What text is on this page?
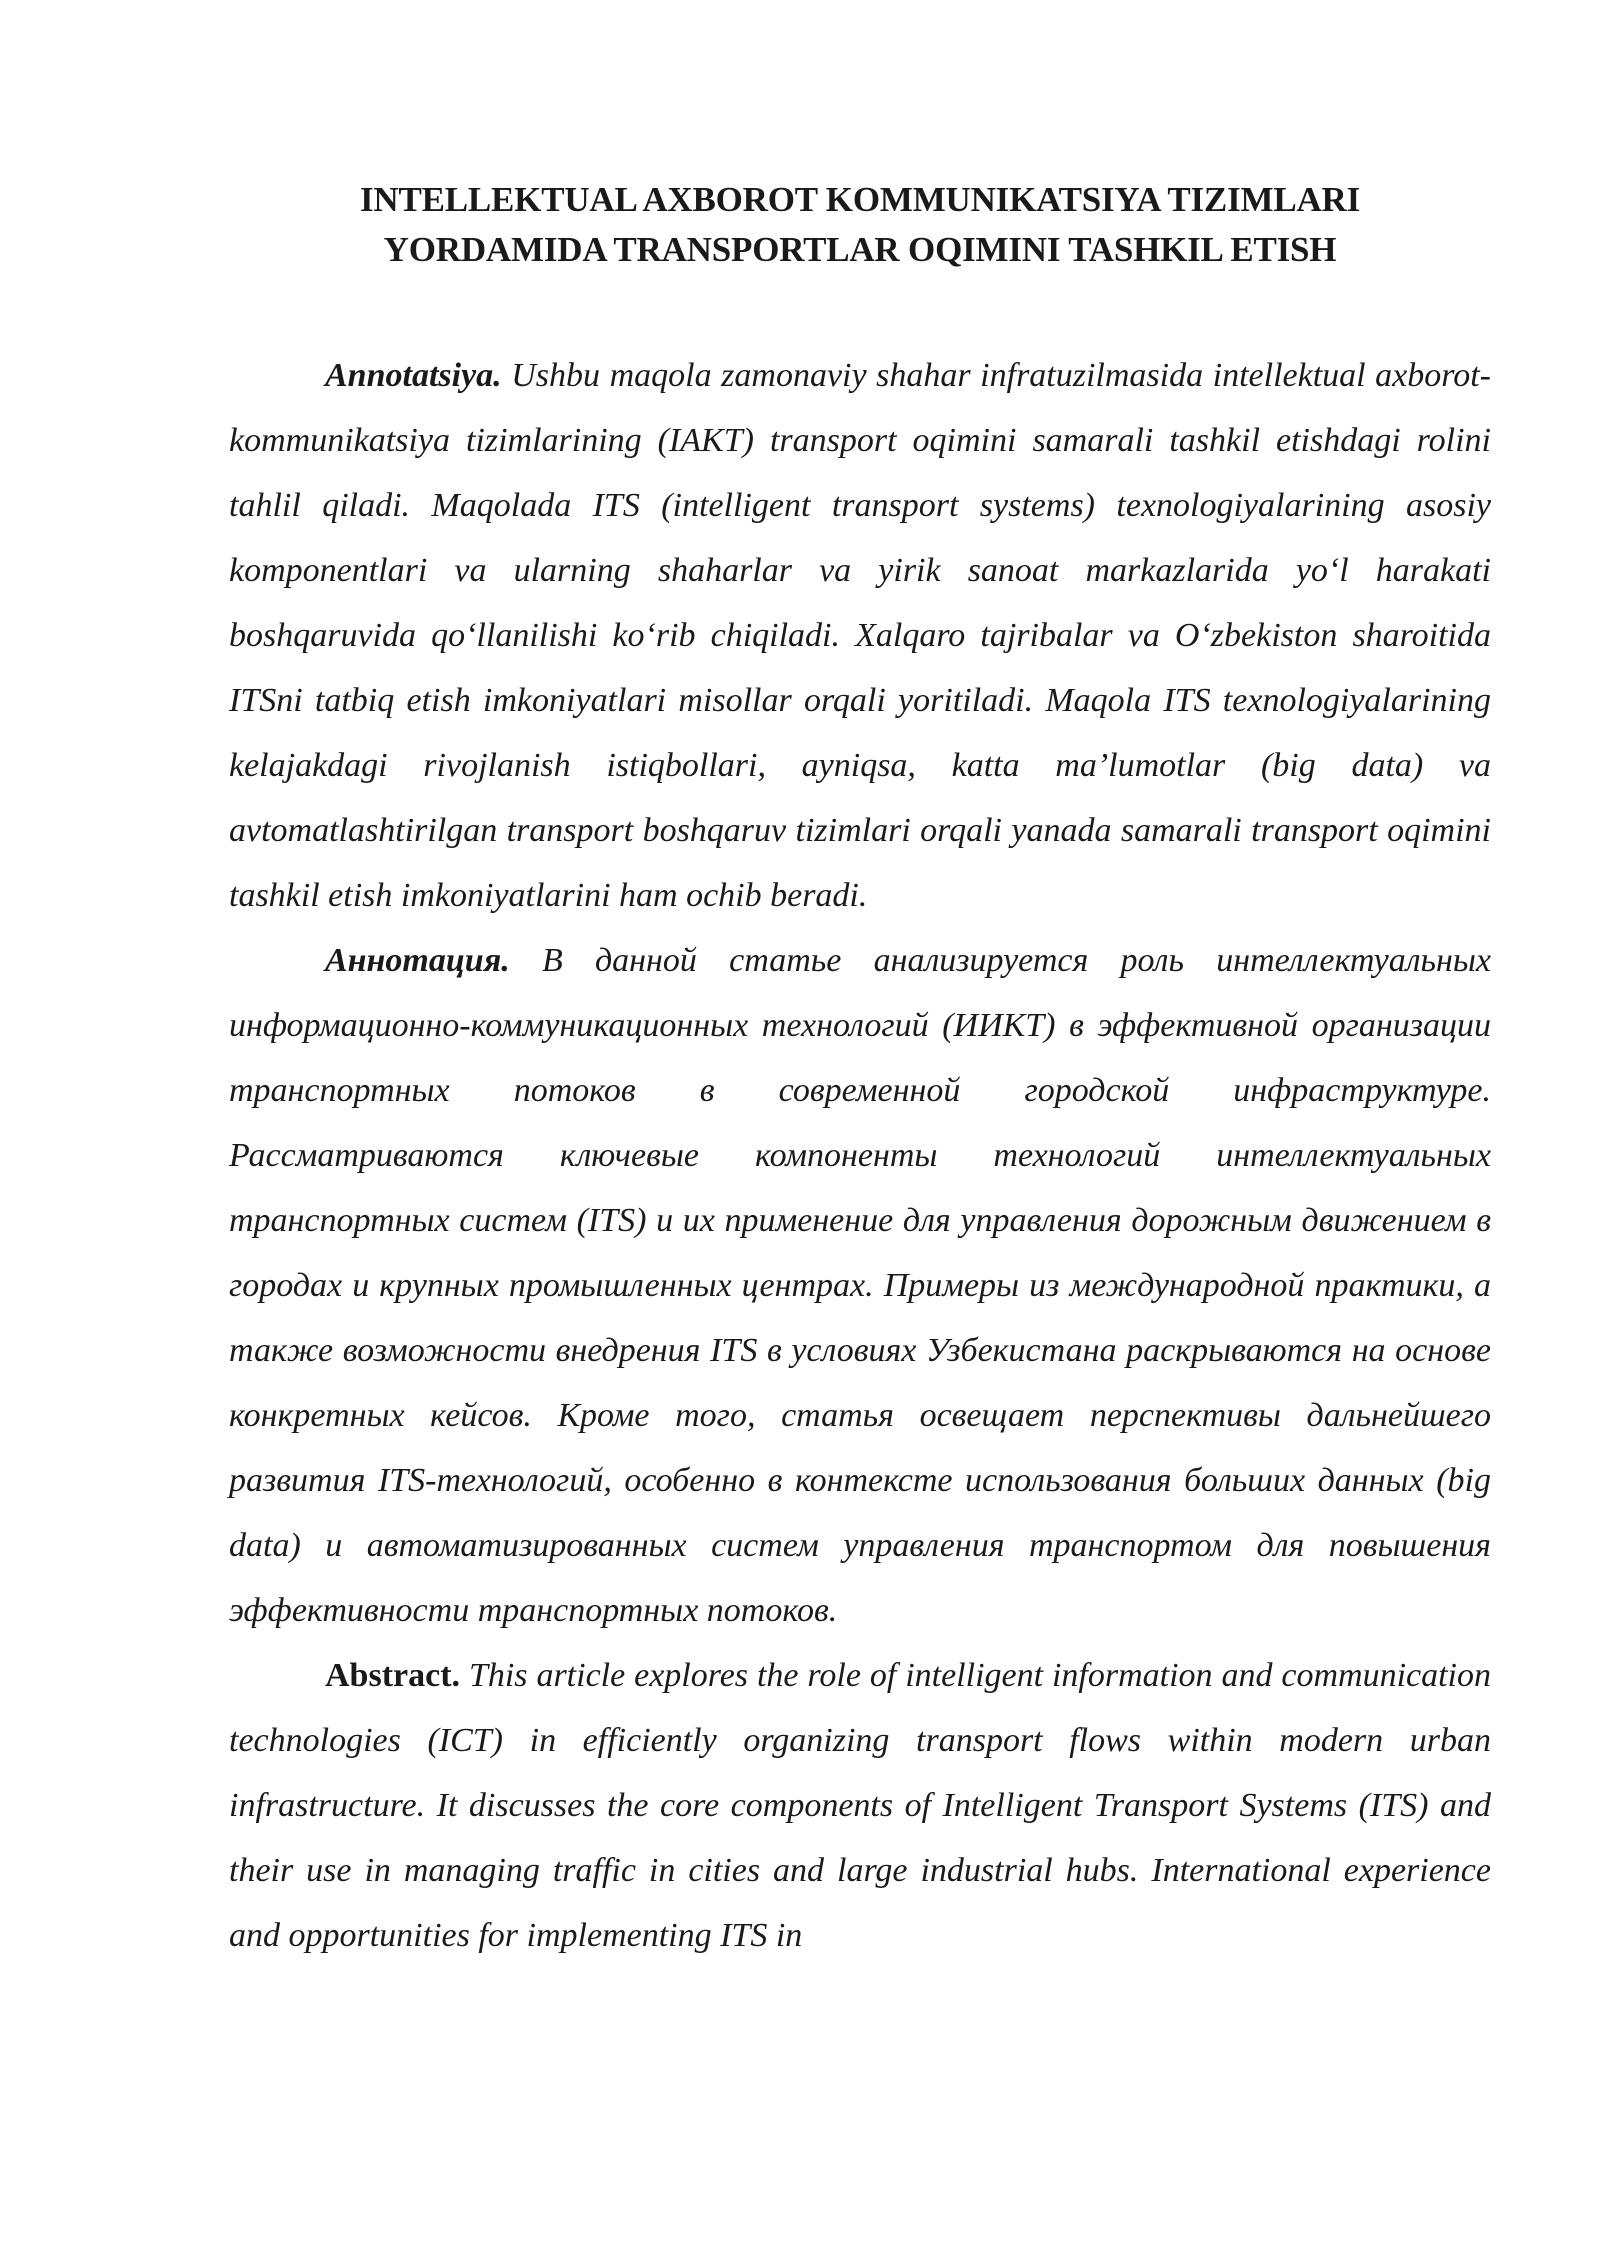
INTELLEKTUAL AXBOROT KOMMUNIKATSIYA TIZIMLARI
YORDAMIDA TRANSPORTLAR OQIMINI TASHKIL ETISH

Annotatsiya. Ushbu maqola zamonaviy shahar infratuzilmasida intellektual axborot-kommunikatsiya tizimlarining (IAKT) transport oqimini samarali tashkil etishdagi rolini tahlil qiladi. Maqolada ITS (intelligent transport systems) texnologiyalarining asosiy komponentlari va ularning shaharlar va yirik sanoat markazlarida yo‘l harakati boshqaruvida qo‘llanilishi ko‘rib chiqiladi. Xalqaro tajribalar va O‘zbekiston sharoitida ITSni tatbiq etish imkoniyatlari misollar orqali yoritiladi. Maqola ITS texnologiyalarining kelajakdagi rivojlanish istiqbollari, ayniqsa, katta ma’lumotlar (big data) va avtomatlashtirilgan transport boshqaruv tizimlari orqali yanada samarali transport oqimini tashkil etish imkoniyatlarini ham ochib beradi.

Аннотация. В данной статье анализируется роль интеллектуальных информационно-коммуникационных технологий (ИИКТ) в эффективной организации транспортных потоков в современной городской инфраструктуре. Рассматриваются ключевые компоненты технологий интеллектуальных транспортных систем (ITS) и их применение для управления дорожным движением в городах и крупных промышленных центрах. Примеры из международной практики, а также возможности внедрения ITS в условиях Узбекистана раскрываются на основе конкретных кейсов. Кроме того, статья освещает перспективы дальнейшего развития ITS-технологий, особенно в контексте использования больших данных (big data) и автоматизированных систем управления транспортом для повышения эффективности транспортных потоков.

Abstract. This article explores the role of intelligent information and communication technologies (ICT) in efficiently organizing transport flows within modern urban infrastructure. It discusses the core components of Intelligent Transport Systems (ITS) and their use in managing traffic in cities and large industrial hubs. International experience and opportunities for implementing ITS in
